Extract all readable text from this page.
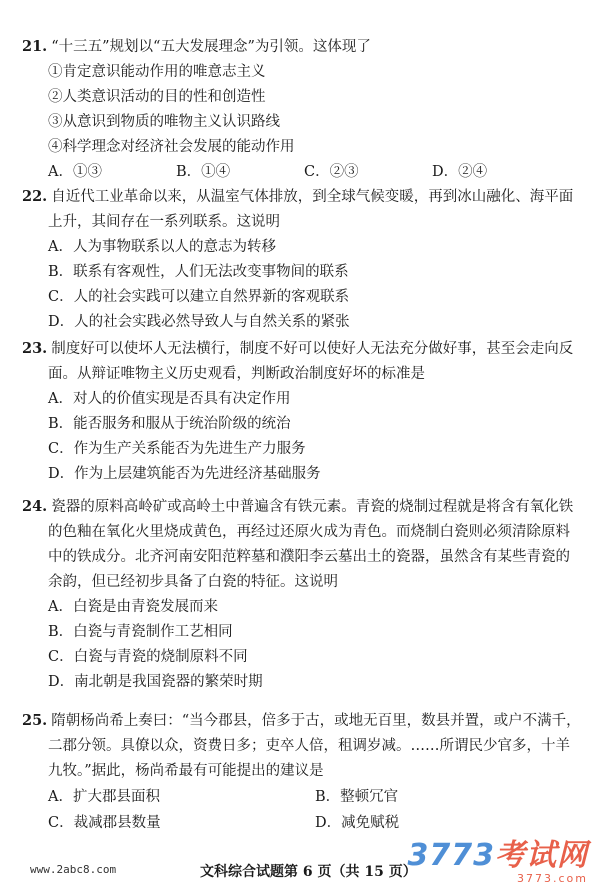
21. “十三五”规划以“五大发展理念”为引领。这体现了
①肯定意识能动作用的唯意志主义
②人类意识活动的目的性和创造性
③从意识到物质的唯物主义认识路线
④科学理念对经济社会发展的能动作用
A．①③	B．①④	C．②③	D．②④
22. 自近代工业革命以来，从温室气体排放，到全球气候变暖，再到冰山融化、海平面
上升，其间存在一系列联系。这说明
A．人为事物联系以人的意志为转移
B．联系有客观性，人们无法改变事物间的联系
C．人的社会实践可以建立自然界新的客观联系
D．人的社会实践必然导致人与自然关系的紧张
23. 制度好可以使坏人无法横行，制度不好可以使好人无法充分做好事，甚至会走向反
面。从辩证唯物主义历史观看，判断政治制度好坏的标准是
A．对人的价值实现是否具有决定作用
B．能否服务和服从于统治阶级的统治
C．作为生产关系能否为先进生产力服务
D．作为上层建筑能否为先进经济基础服务
24. 瓷器的原料高岭矿或高岭土中普遍含有铁元素。青瓷的烧制过程就是将含有氧化铁
的色釉在氧化火里烧成黄色，再经过还原火成为青色。而烧制白瓷则必须清除原料
中的铁成分。北齐河南安阳范粹墓和濮阳李云墓出土的瓷器，虽然含有某些青瓷的
余韵，但已经初步具备了白瓷的特征。这说明
A．白瓷是由青瓷发展而来
B．白瓷与青瓷制作工艺相同
C．白瓷与青瓷的烧制原料不同
D．南北朝是我国瓷器的繁荣时期
25. 隋朝杨尚希上奏曰：“当今郡县，倍多于古，或地无百里，数县并置，或户不满千，
二郡分领。具僚以众，资费日多；吏卒人倍，租调岁减。……所谓民少官多，十羊
九牧。”据此，杨尚希最有可能提出的建议是
A．扩大郡县面积	B．整顿冗官
C．裁减郡县数量	D．减免赋税
www.2abc8.com	文科综合试题第 6 页（共 15 页）
3773考试网
3773.com
